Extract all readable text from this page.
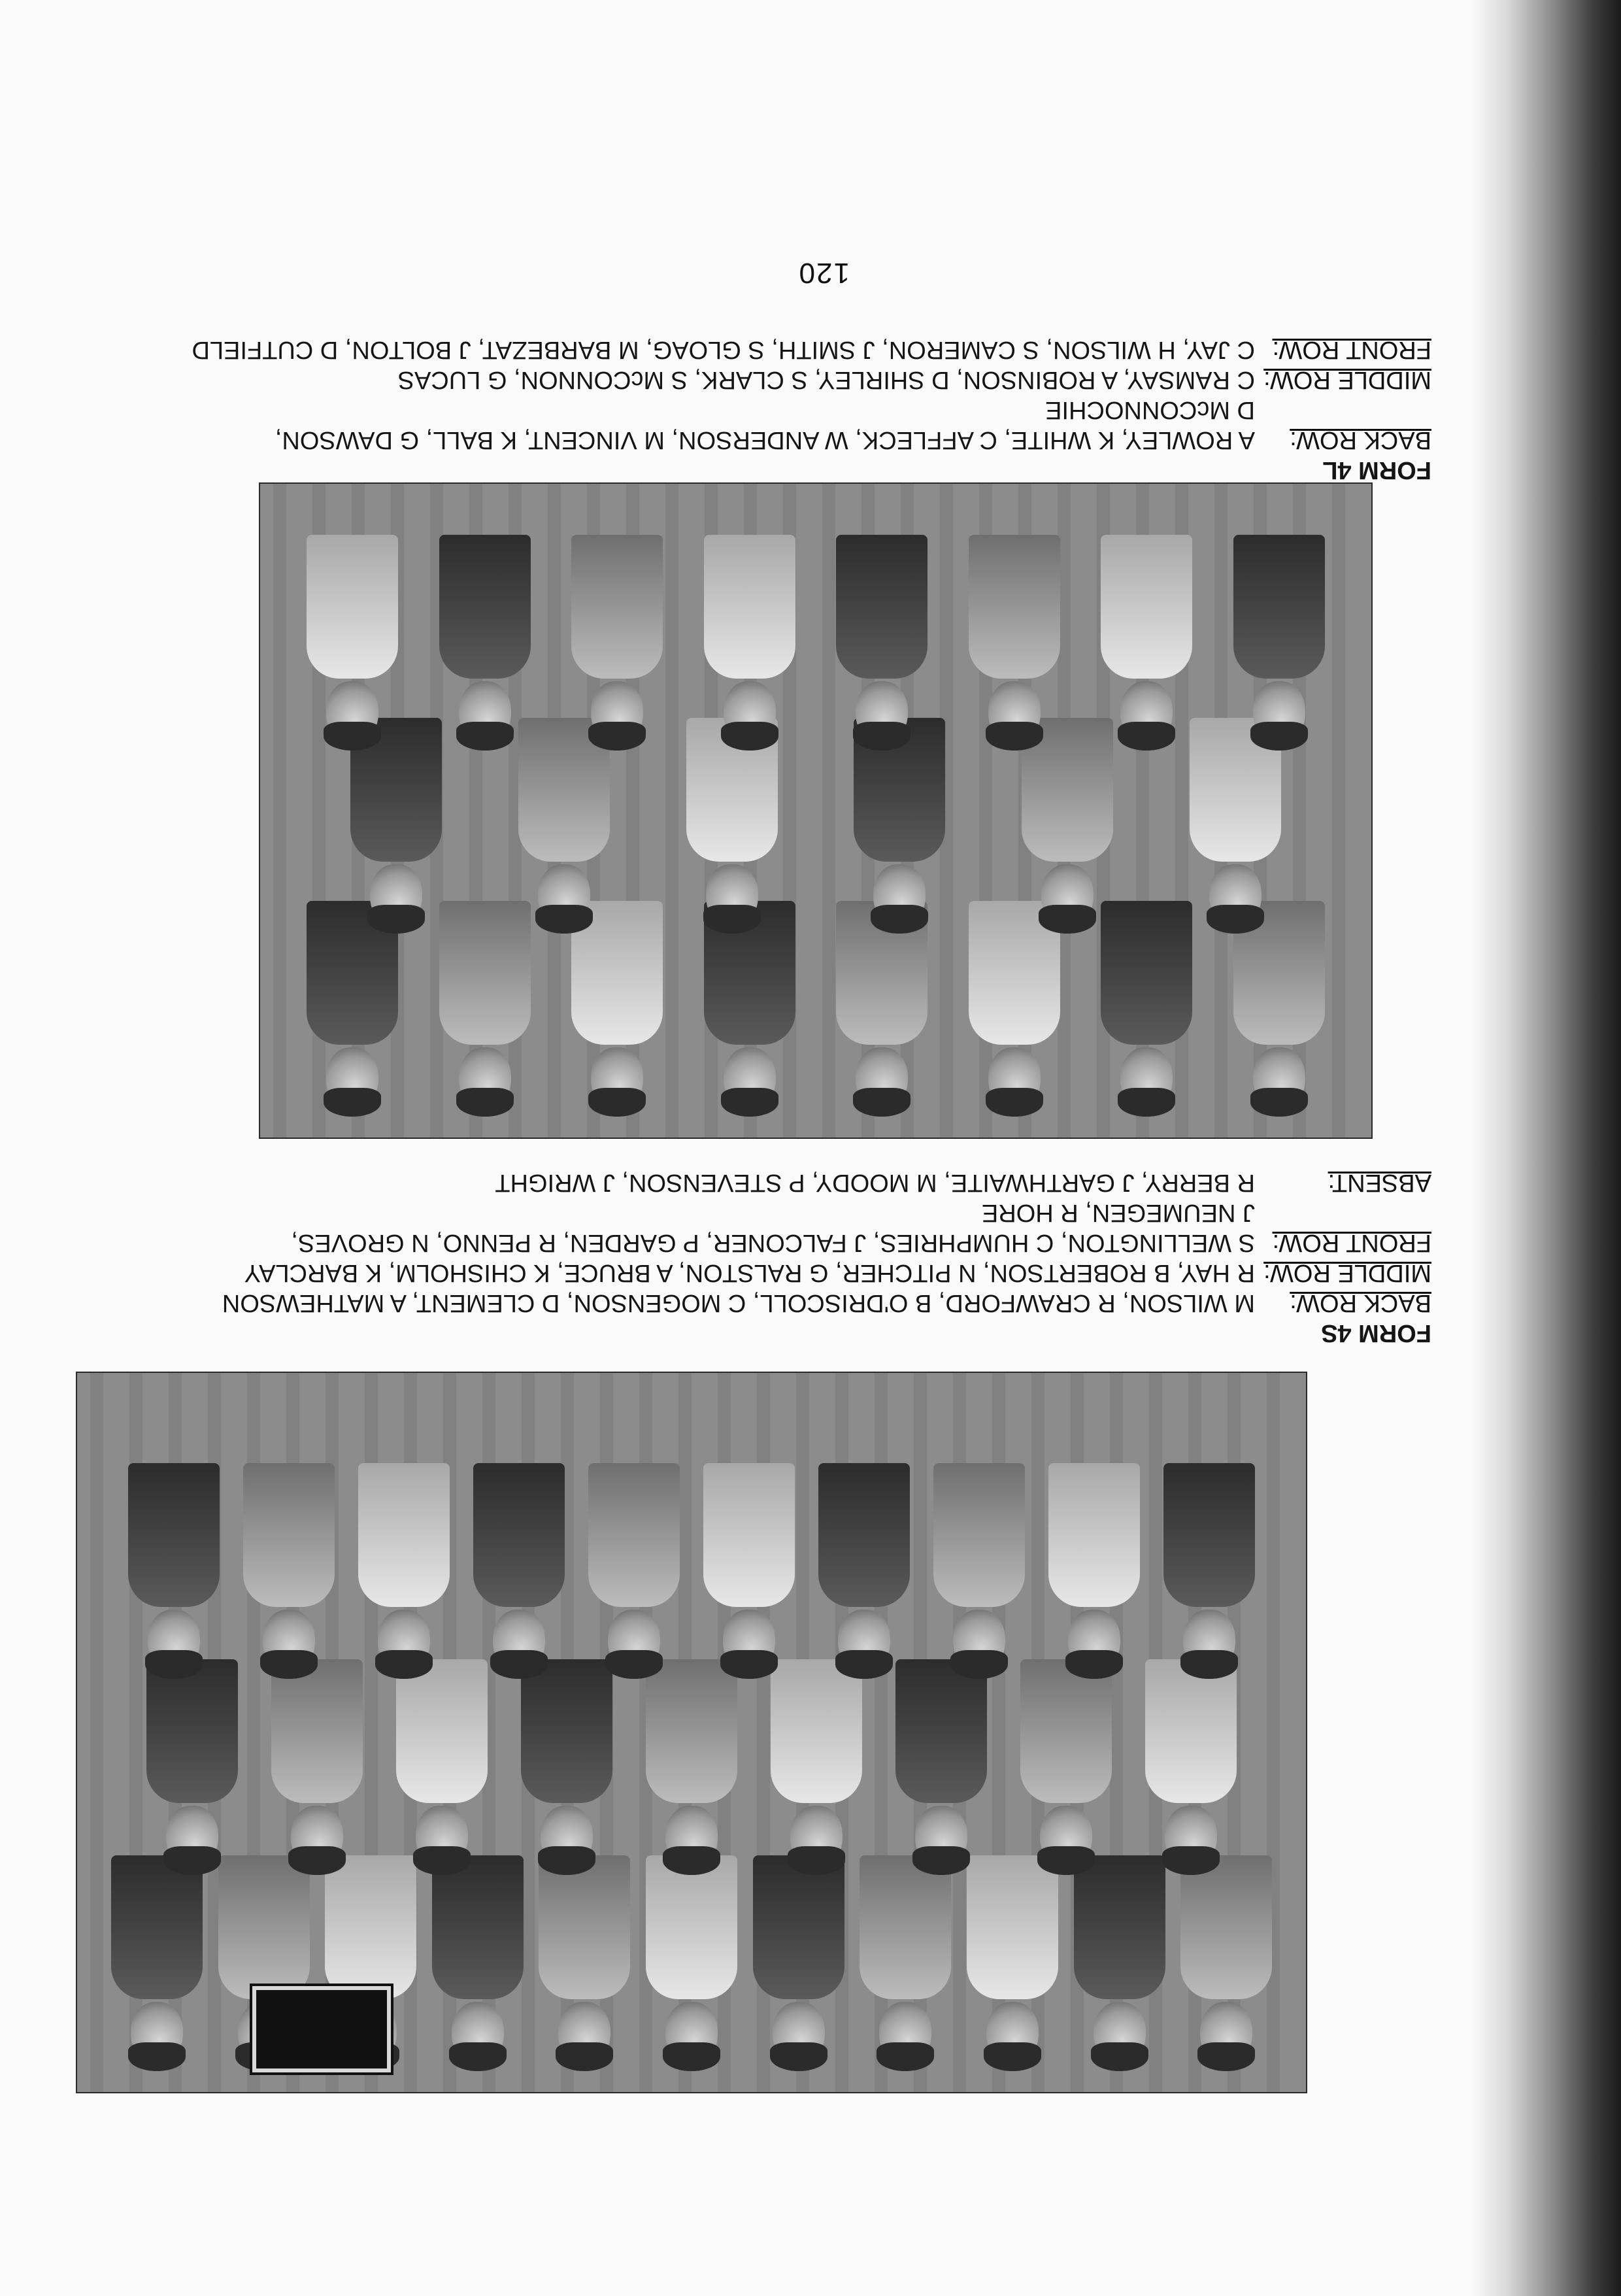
FORM 4S
BACK ROW:
MIDDLE ROW:
FRONT ROW:
ABSENT:
M WILSON, R CRAWFORD, B O'DRISCOLL, C MOGENSON, D CLEMENT, A MATHEWSON
R HAY, B ROBERTSON, N PITCHER, G RALSTON, A BRUCE, K CHISHOLM, K BARCLAY
S WELLINGTON, C HUMPHRIES, J FALCONER, P GARDEN, R PENNO, N GROVES,
J NEUMEGEN, R HORE
R BERRY, J GARTHWAITE, M MOODY, P STEVENSON, J WRIGHT
FORM 4L
BACK ROW:
MIDDLE ROW:
FRONT ROW:
A ROWLEY, K WHITE, C AFFLECK, W ANDERSON, M VINCENT, K BALL, G DAWSON,
D McCONNOCHIE
C RAMSAY, A ROBINSON, D SHIRLEY, S CLARK, S McCONNON, G LUCAS
C JAY, H WILSON, S CAMERON, J SMITH, S GLOAG, M BARBEZAT, J BOLTON, D CUTFIELD
120
